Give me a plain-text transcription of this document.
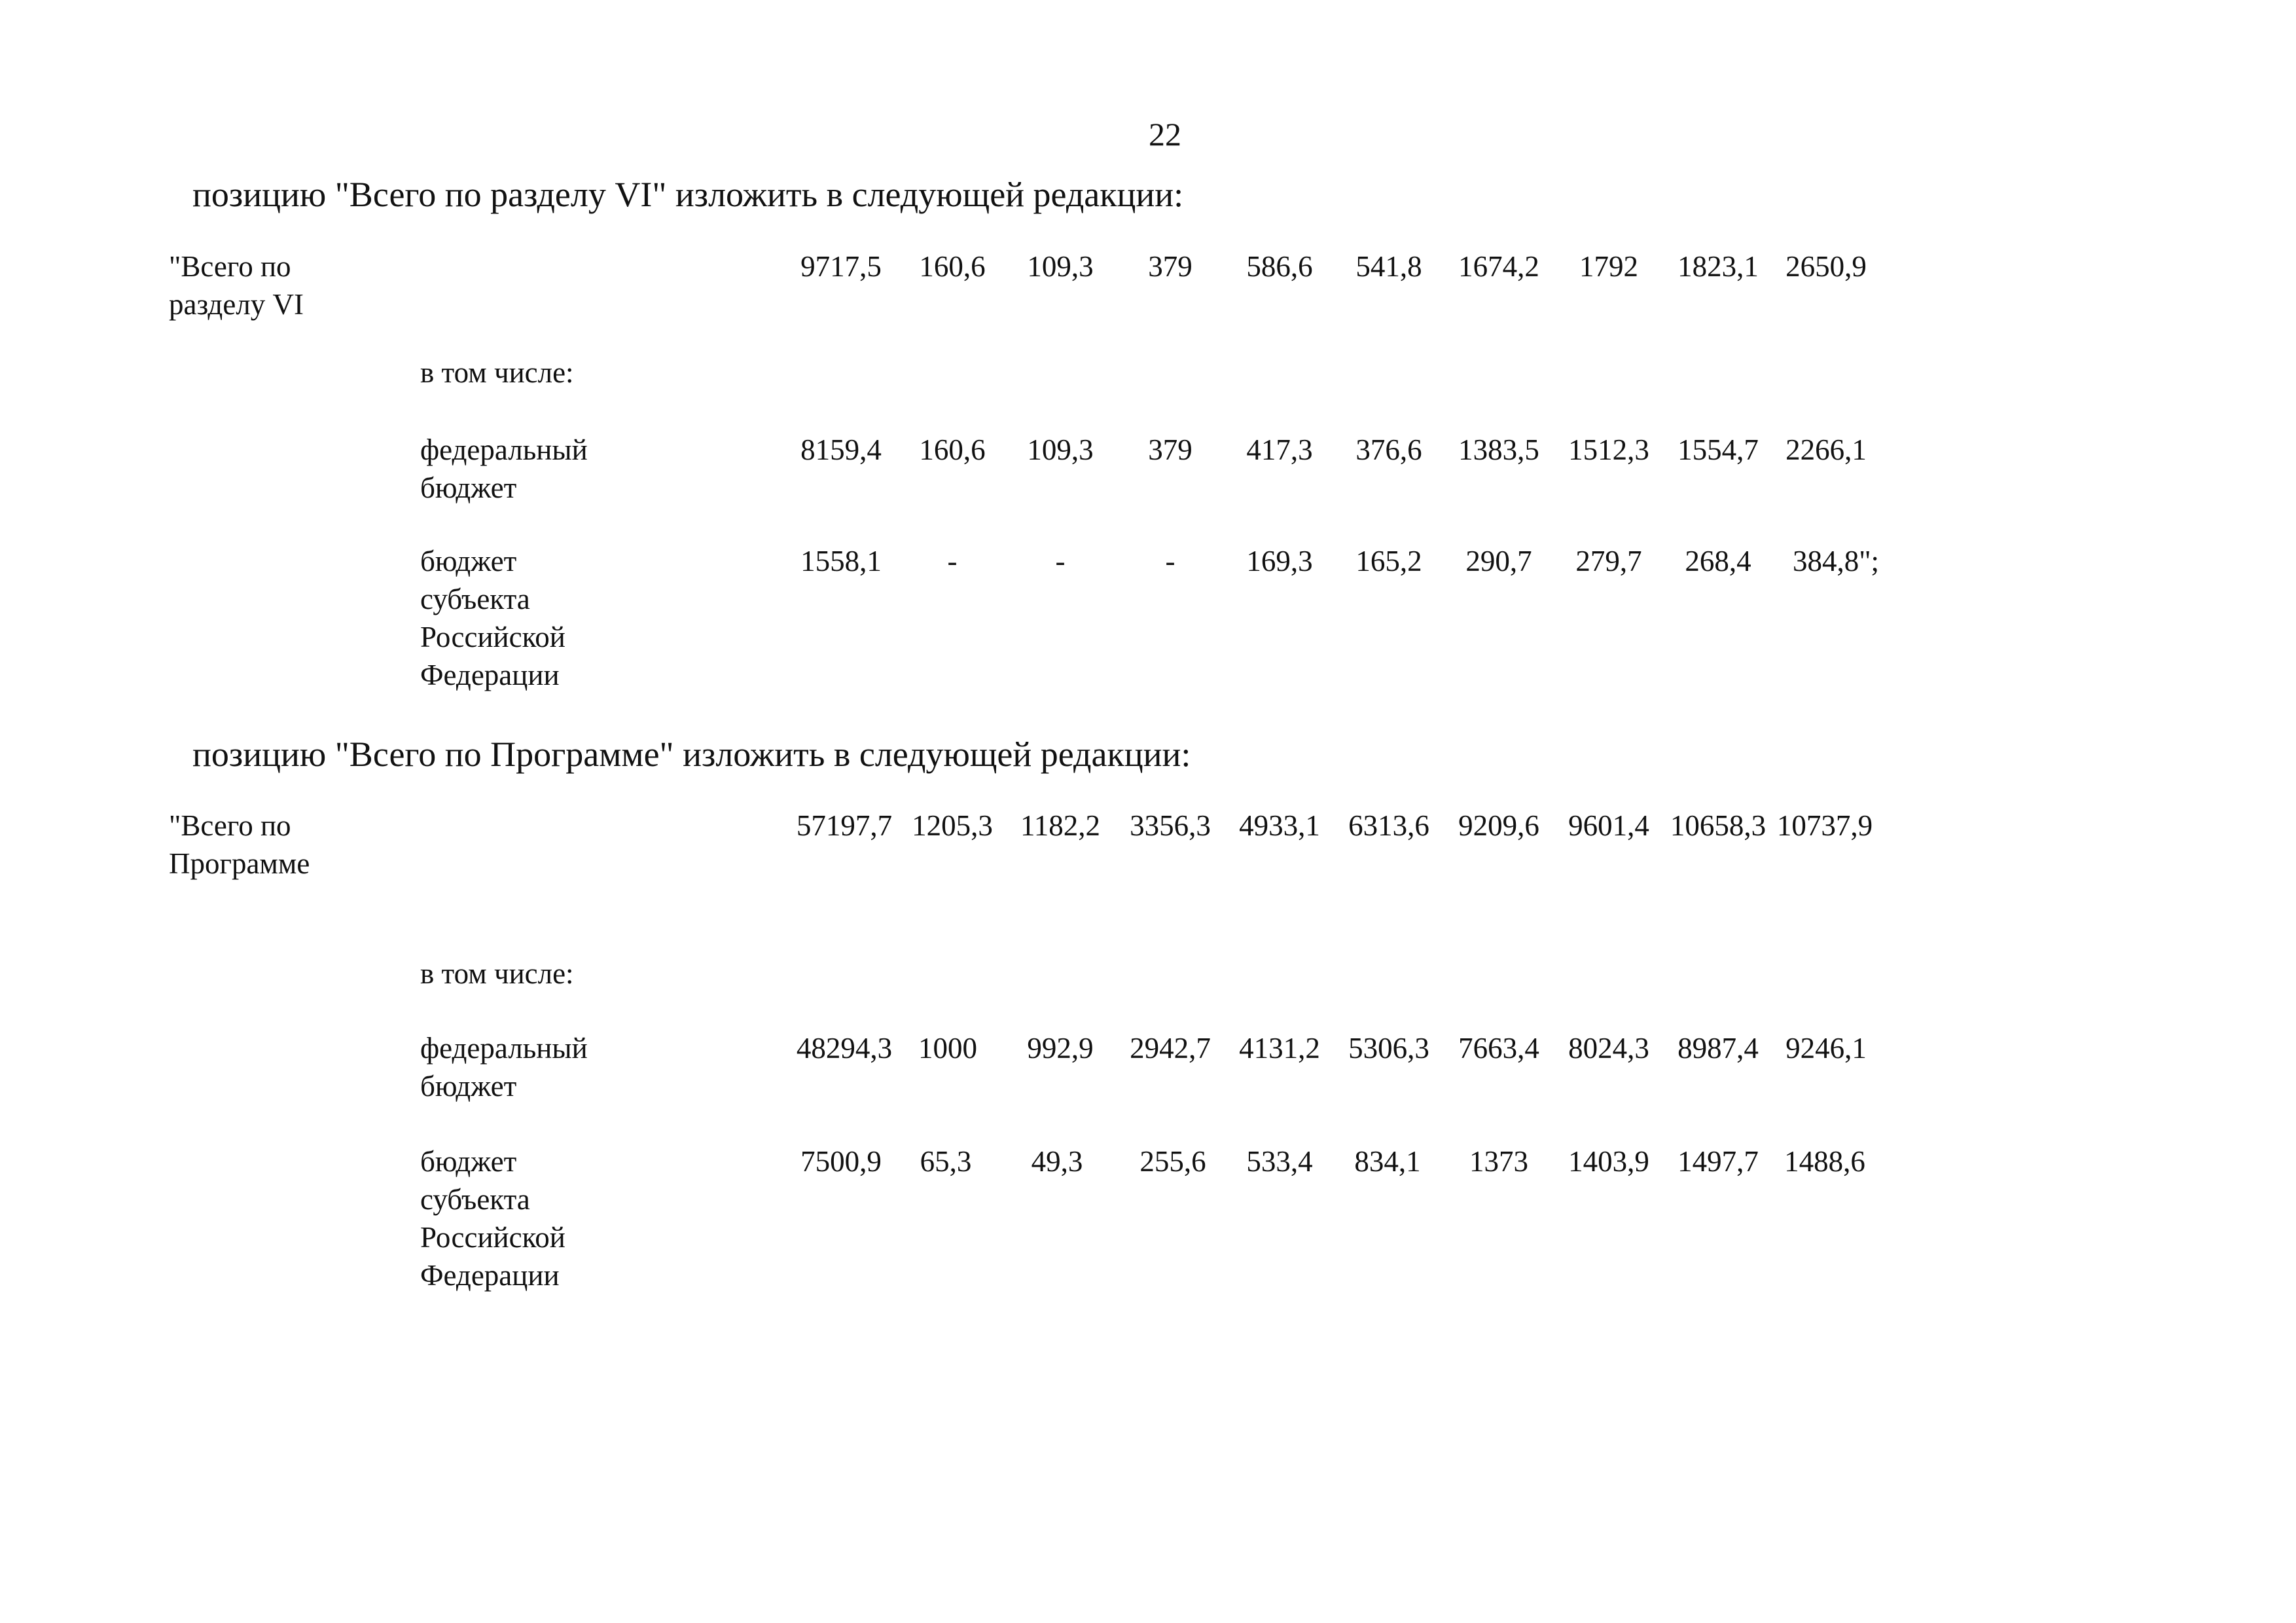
22
позицию "Всего по разделу VI" изложить в следующей редакции:
"Всего по
разделу VI
9717,5	160,6	109,3	379	586,6	541,8	1674,2	1792	1823,1 2650,9
в том числе:
федеральный
бюджет
8159,4	160,6	109,3	379	417,3	376,6	1383,5 1512,3 1554,7 2266,1
бюджет
субъекта
Российской
Федерации
1558,1	-	-	-	169,3	165,2	290,7	279,7	268,4	384,8";
позицию "Всего по Программе" изложить в следующей редакции:
"Всего по
Программе
57197,7 1205,3 1182,2	3356,3 4933,1 6313,6 9209,6 9601,4 10658,3 10737,9
в том числе:
федеральный
бюджет
48294,3 1000	992,9	2942,7 4131,2 5306,3 7663,4 8024,3 8987,4 9246,1
бюджет
субъекта
Российской
Федерации
7500,9	65,3	49,3	255,6	533,4	834,1	1373	1403,9 1497,7 1488,6
